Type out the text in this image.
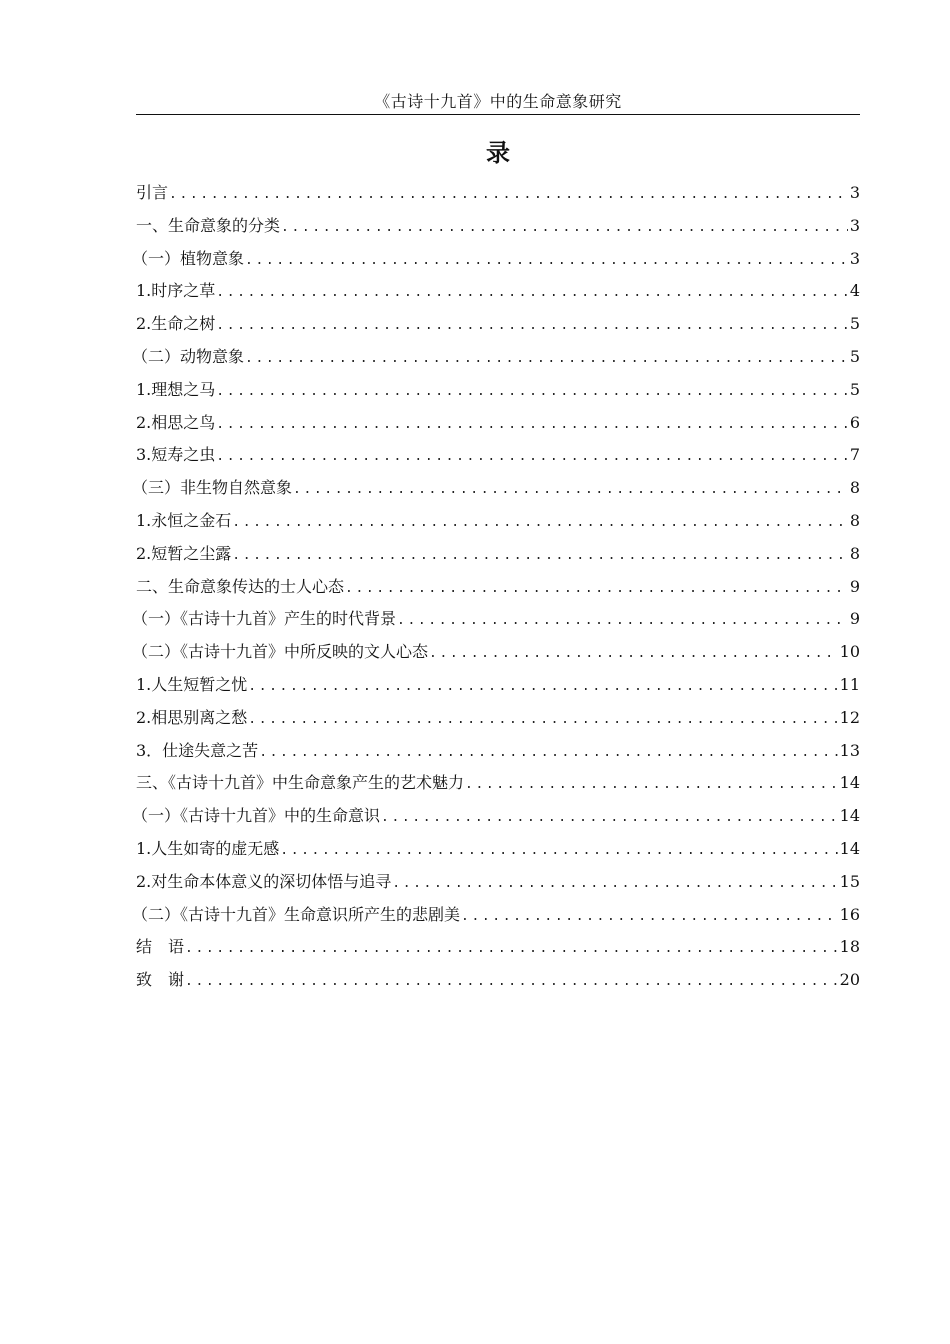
《古诗十九首》中的生命意象研究
录
引言 .....	3
一、生命意象的分类 .....	3
（一）植物意象 .....	3
1.时序之草 .....	4
2.生命之树 .....	5
（二）动物意象 .....	5
1.理想之马 .....	5
2.相思之鸟 .....	6
3.短寿之虫 .....	7
（三）非生物自然意象 .....	8
1.永恒之金石 .....	8
2.短暂之尘露 .....	8
二、生命意象传达的士人心态 .....	9
（一）《古诗十九首》产生的时代背景 .....	9
（二）《古诗十九首》中所反映的文人心态 .....	10
1.人生短暂之忧 .....	11
2.相思别离之愁 .....	12
3．仕途失意之苦 .....	13
三、《古诗十九首》中生命意象产生的艺术魅力 .....	14
（一）《古诗十九首》中的生命意识 .....	14
1.人生如寄的虚无感 .....	14
2.对生命本体意义的深切体悟与追寻 .....	15
（二）《古诗十九首》生命意识所产生的悲剧美 .....	16
结　语 .....	18
致　谢 .....	20
